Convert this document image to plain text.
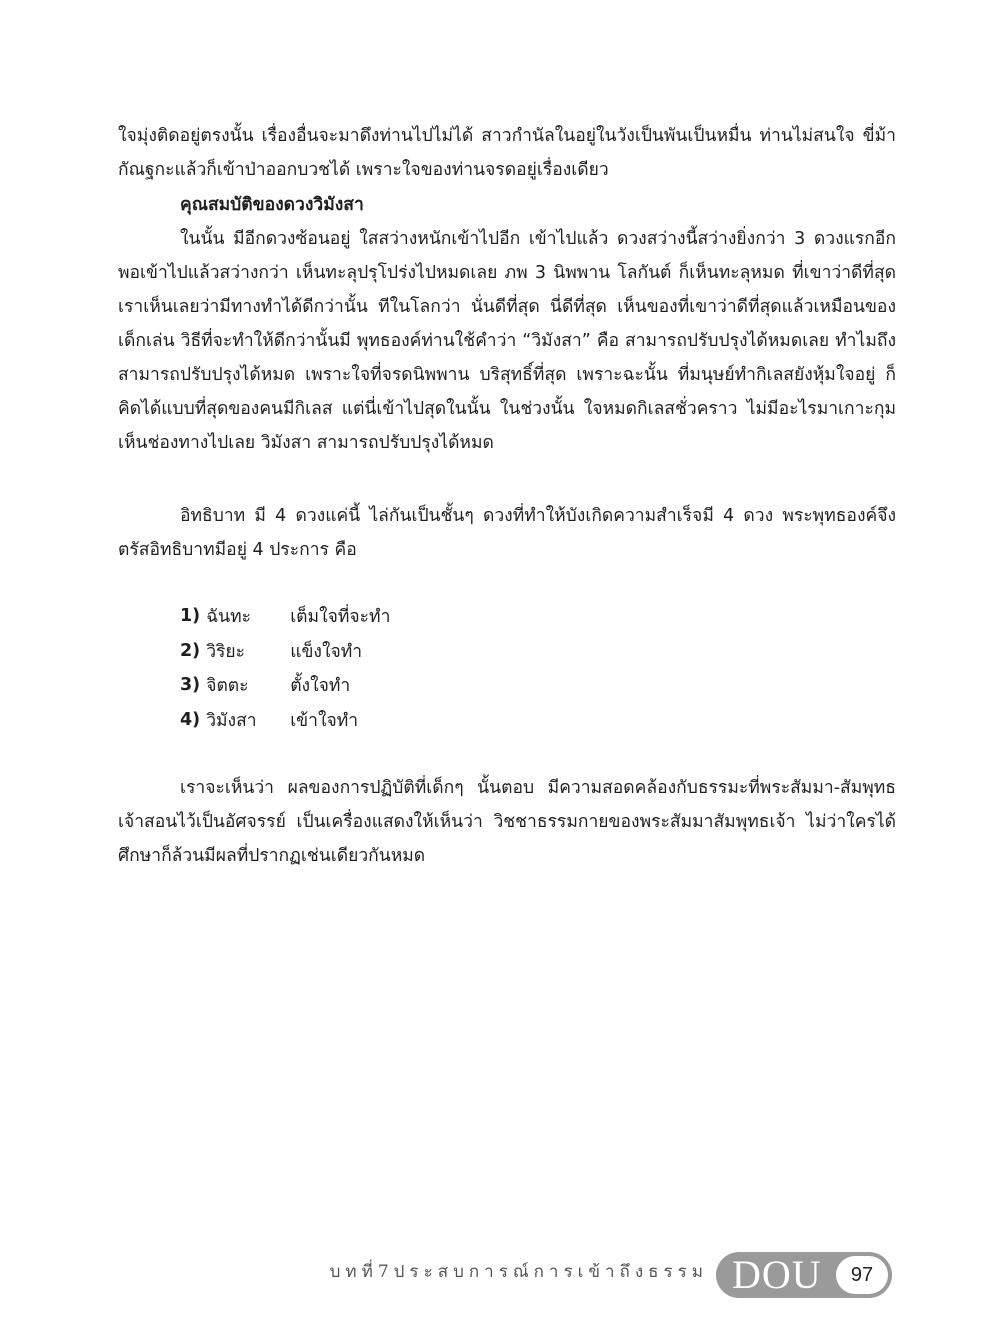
ใจมุ่งติดอยู่ตรงนั้น เรื่องอื่นจะมาดึงท่านไปไม่ได้ สาวกำนัลในอยู่ในวังเป็นพันเป็นหมื่น ท่านไม่สนใจ ขี่ม้ากัณฐกะแล้วก็เข้าป่าออกบวชได้ เพราะใจของท่านจรดอยู่เรื่องเดียว

คุณสมบัติของดวงวิมังสา

ในนั้น มีอีกดวงซ้อนอยู่ ใสสว่างหนักเข้าไปอีก เข้าไปแล้ว ดวงสว่างนี้สว่างยิ่งกว่า 3 ดวงแรกอีก พอเข้าไปแล้วสว่างกว่า เห็นทะลุปรุโปร่งไปหมดเลย ภพ 3 นิพพาน โลกันต์ ก็เห็นทะลุหมด ที่เขาว่าดีที่สุด เราเห็นเลยว่ามีทางทำได้ดีกว่านั้น ทีในโลกว่า นั่นดีที่สุด นี่ดีที่สุด เห็นของที่เขาว่าดีที่สุดแล้วเหมือนของเด็กเล่น วิธีที่จะทำให้ดีกว่านั้นมี พุทธองค์ท่านใช้คำว่า “วิมังสา” คือ สามารถปรับปรุงได้หมดเลย ทำไมถึงสามารถปรับปรุงได้หมด เพราะใจที่จรดนิพพาน บริสุทธิ์ที่สุด เพราะฉะนั้น ที่มนุษย์ทำกิเลสยังหุ้มใจอยู่ ก็คิดได้แบบที่สุดของคนมีกิเลส แต่นี่เข้าไปสุดในนั้น ในช่วงนั้น ใจหมดกิเลสชั่วคราว ไม่มีอะไรมาเกาะกุม เห็นช่องทางไปเลย วิมังสา สามารถปรับปรุงได้หมด

อิทธิบาท มี 4 ดวงแค่นี้ ไล่กันเป็นชั้นๆ ดวงที่ทำให้บังเกิดความสำเร็จมี 4 ดวง พระพุทธองค์จึงตรัสอิทธิบาทมีอยู่ 4 ประการ คือ

1) ฉันทะ	เต็มใจที่จะทำ
2) วิริยะ	แข็งใจทำ
3) จิตตะ	ตั้งใจทำ
4) วิมังสา	เข้าใจทำ

เราจะเห็นว่า ผลของการปฏิบัติที่เด็กๆ นั้นตอบ มีความสอดคล้องกับธรรมะที่พระสัมมา-สัมพุทธเจ้าสอนไว้เป็นอัศจรรย์ เป็นเครื่องแสดงให้เห็นว่า วิชชาธรรมกายของพระสัมมาสัมพุทธเจ้า ไม่ว่าใครได้ศึกษาก็ล้วนมีผลที่ปรากฏเช่นเดียวกันหมด

บทที่7ประสบการณ์การเข้าถึงธรรม DOU	97
